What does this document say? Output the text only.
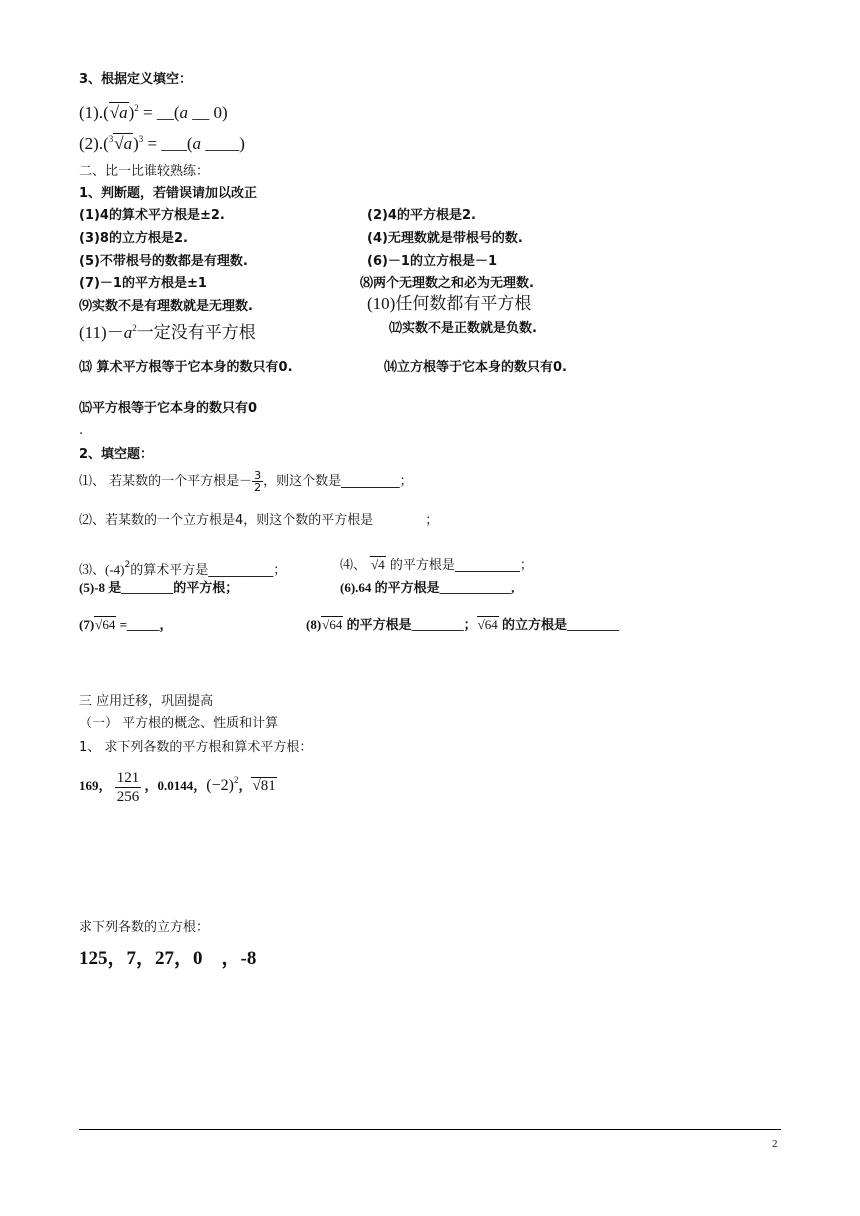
3、根据定义填空：
$(1).(√a)^2$ = __(a __ 0)
$(2).(^3√a)^3$ = ___(a ____)
二、比一比谁较熟练：
1、判断题，若错误请加以改正
(1)4的算术平方根是±2.	(2)4的平方根是2.
(3)8的立方根是2.	(4)无理数就是带根号的数.
(5)不带根号的数都是有理数.	(6)－1的立方根是－1
(7)－1的平方根是±1	⑻两个无理数之和必为无理数.
⑼实数不是有理数就是无理数.	(10)任何数都有平方根
$(11)-a^2$一定没有平方根	⑿实数不是正数就是负数.
⒀ 算术平方根等于它本身的数只有0.	⒁立方根等于它本身的数只有0.
⒂平方根等于它本身的数只有0
.
2、填空题：
⑴、 若某数的一个平方根是－ $\frac{3}{2}$ ，则这个数是_________；
⑵、若某数的一个立方根是4，则这个数的平方根是　　　　；
⑶、$(-4)^2$的算术平方是__________；	⑷、 √4 的平方根是__________；
(5)-8 是________的平方根；	(6).64 的平方根是___________,
(7)√64 =_____，	(8)√64 的平方根是________；√64 的立方根是________
三 应用迁移，巩固提高
（一） 平方根的概念、性质和计算
1、 求下列各数的平方根和算术平方根：
169， $\frac{121}{256}$ ，0.0144，$(-2)^2$，√81
求下列各数的立方根：
125，7，27，0　，-8
2
